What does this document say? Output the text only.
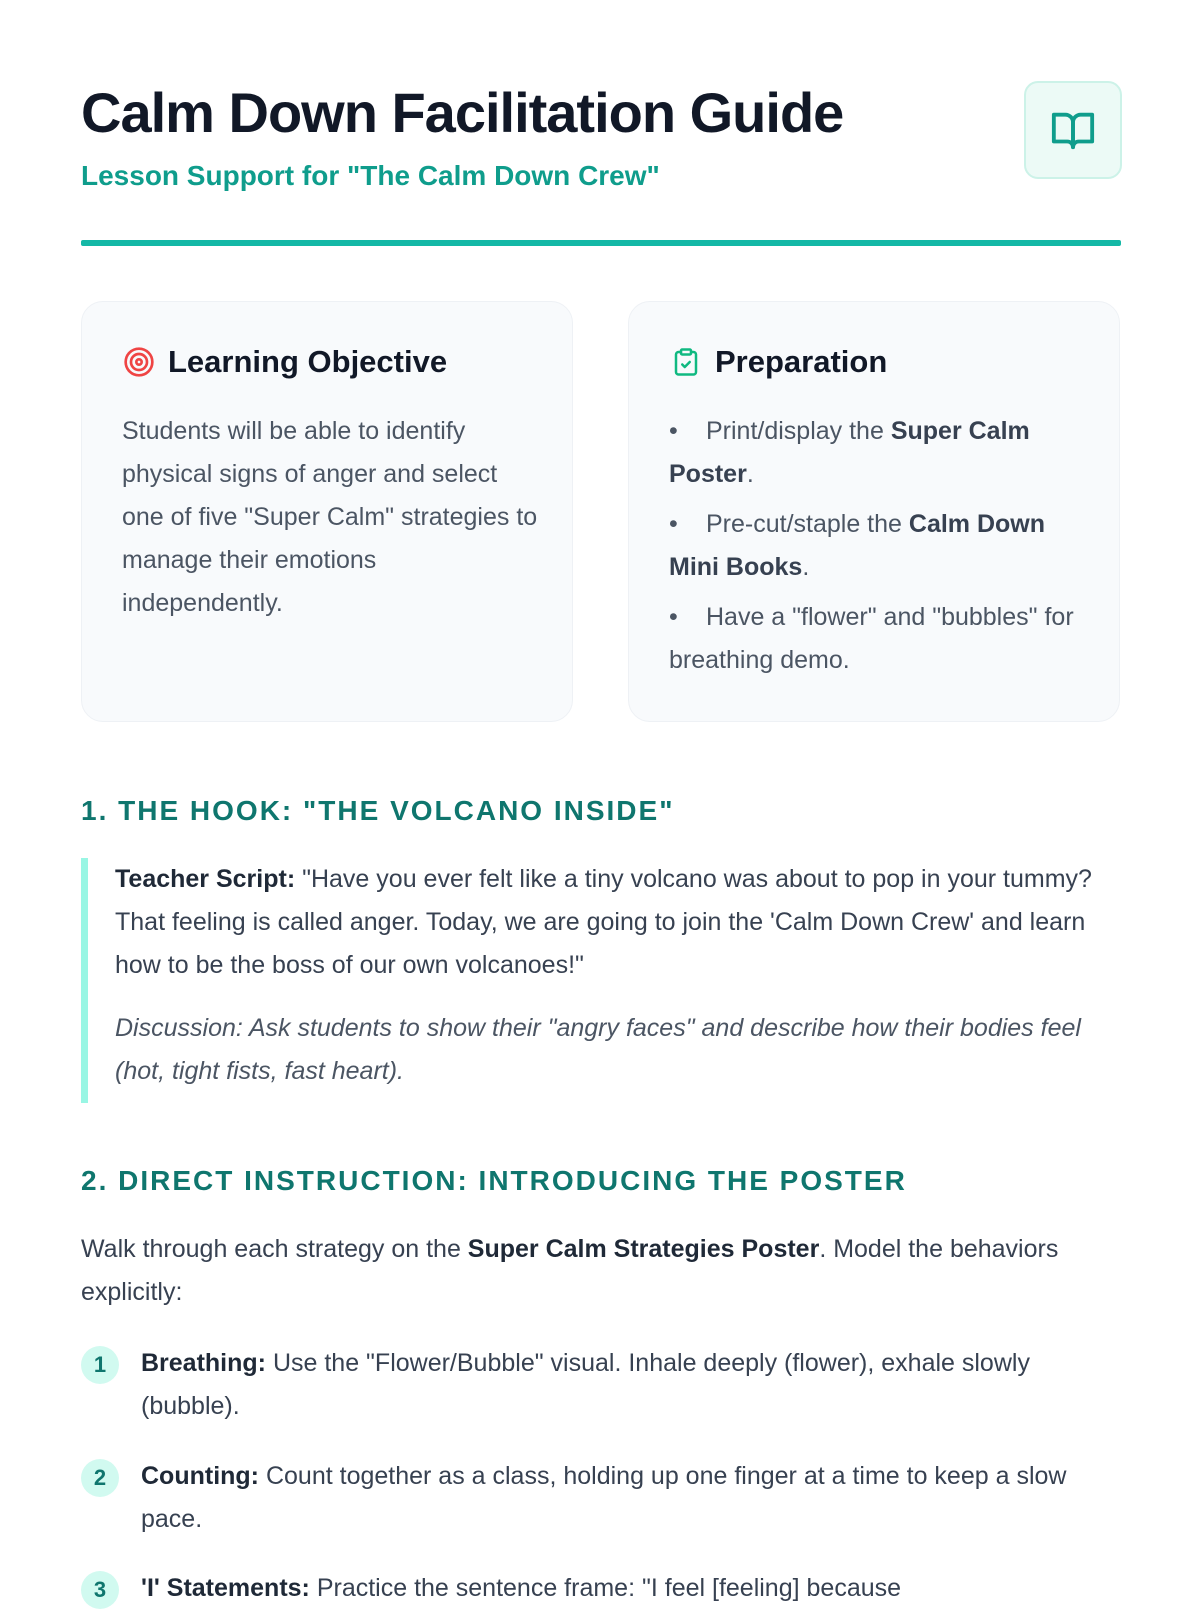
Calm Down Facilitation Guide
Lesson Support for "The Calm Down Crew"
Learning Objective
Students will be able to identify physical signs of anger and select one of five "Super Calm" strategies to manage their emotions independently.
Preparation
• Print/display the Super Calm Poster.
• Pre-cut/staple the Calm Down Mini Books.
• Have a "flower" and "bubbles" for breathing demo.
1. THE HOOK: "THE VOLCANO INSIDE"

Teacher Script: "Have you ever felt like a tiny volcano was about to pop in your tummy? That feeling is called anger. Today, we are going to join the 'Calm Down Crew' and learn how to be the boss of our own volcanoes!"

Discussion: Ask students to show their "angry faces" and describe how their bodies feel (hot, tight fists, fast heart).

2. DIRECT INSTRUCTION: INTRODUCING THE POSTER
Walk through each strategy on the Super Calm Strategies Poster. Model the behaviors explicitly:
1	Breathing: Use the "Flower/Bubble" visual. Inhale deeply (flower), exhale slowly (bubble).
2	Counting: Count together as a class, holding up one finger at a time to keep a slow pace.
3	'I' Statements: Practice the sentence frame: "I feel [feeling] because
